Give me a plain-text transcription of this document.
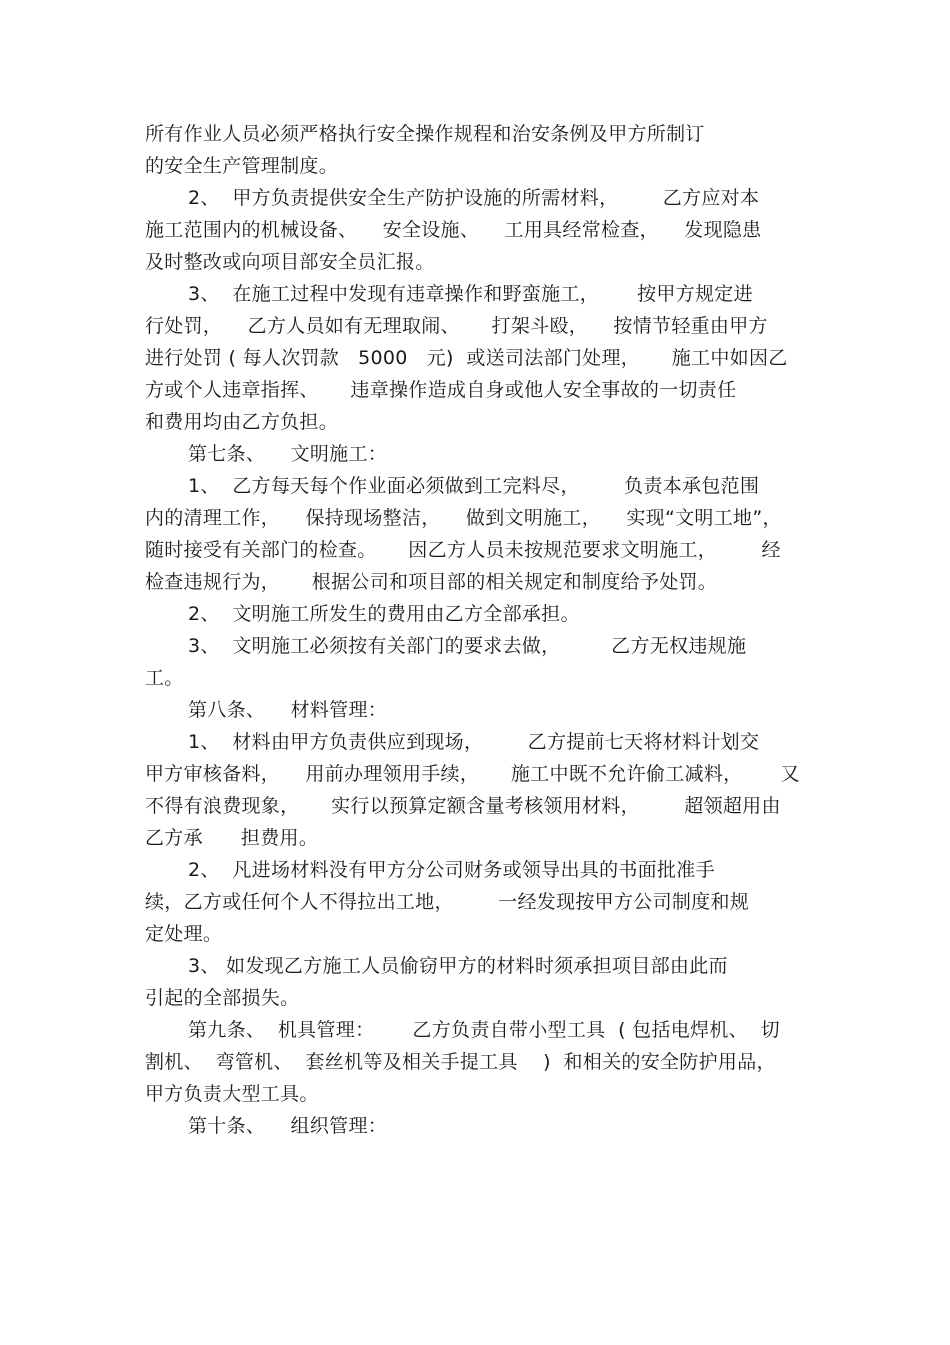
所有作业人员必须严格执行安全操作规程和治安条例及甲方所制订
的安全生产管理制度。
2、  甲方负责提供安全生产防护设施的所需材料，       乙方应对本
施工范围内的机械设备、    安全设施、    工用具经常检查，    发现隐患
及时整改或向项目部安全员汇报。
3、  在施工过程中发现有违章操作和野蛮施工，      按甲方规定进
行处罚，    乙方人员如有无理取闹、     打架斗殴，    按情节轻重由甲方
进行处罚 ( 每人次罚款   5000   元)  或送司法部门处理，     施工中如因乙
方或个人违章指挥、     违章操作造成自身或他人安全事故的一切责任
和费用均由乙方负担。
第七条、    文明施工：
1、  乙方每天每个作业面必须做到工完料尽，       负责本承包范围
内的清理工作，    保持现场整洁，    做到文明施工，    实现“文明工地”，
随时接受有关部门的检查。     因乙方人员未按规范要求文明施工，       经
检查违规行为，     根据公司和项目部的相关规定和制度给予处罚。
2、  文明施工所发生的费用由乙方全部承担。
3、  文明施工必须按有关部门的要求去做，        乙方无权违规施
工。
第八条、    材料管理：
1、  材料由甲方负责供应到现场，       乙方提前七天将材料计划交
甲方审核备料，    用前办理领用手续，     施工中既不允许偷工减料，      又
不得有浪费现象，     实行以预算定额含量考核领用材料，       超领超用由
乙方承      担费用。
2、  凡进场材料没有甲方分公司财务或领导出具的书面批准手
续，乙方或任何个人不得拉出工地，       一经发现按甲方公司制度和规
定处理。
3、 如发现乙方施工人员偷窃甲方的材料时须承担项目部由此而
引起的全部损失。
第九条、  机具管理：      乙方负责自带小型工具  ( 包括电焊机、  切
割机、  弯管机、  套丝机等及相关手提工具    )  和相关的安全防护用品，
甲方负责大型工具。
第十条、    组织管理：
